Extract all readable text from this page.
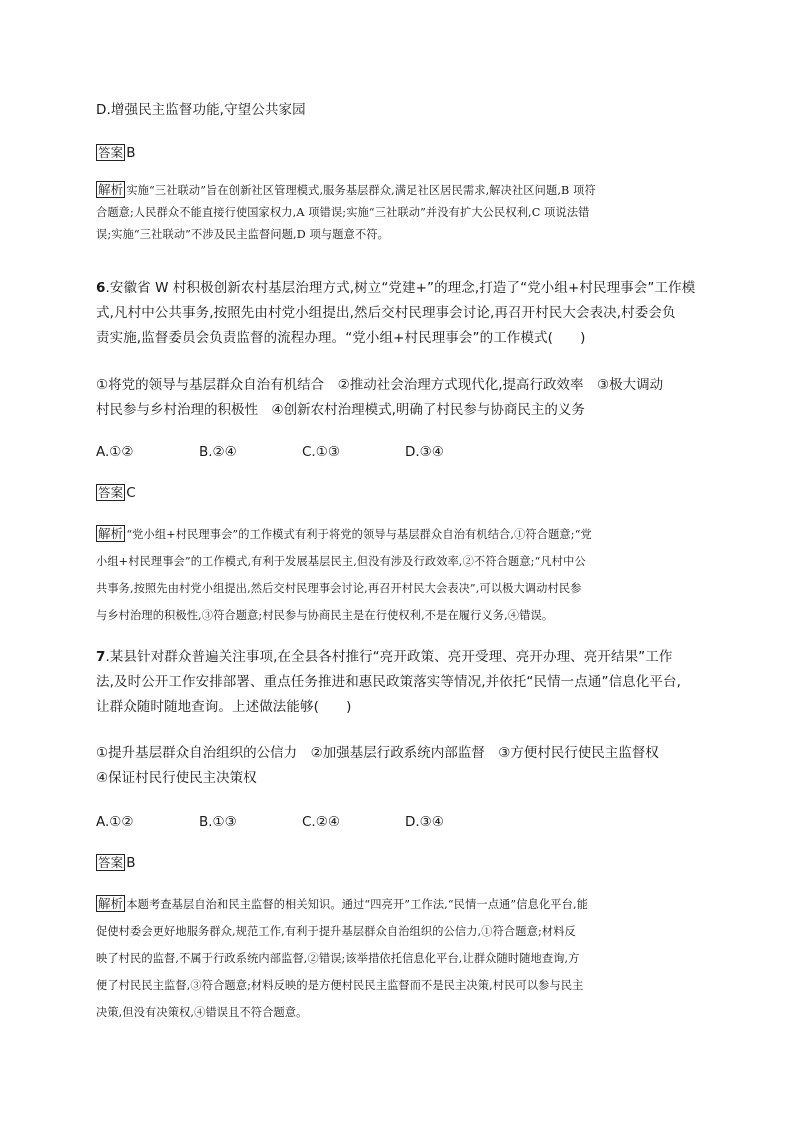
D.增强民主监督功能,守望公共家园
答案 B
解析 实施“三社联动”旨在创新社区管理模式,服务基层群众,满足社区居民需求,解决社区问题,B 项符
合题意;人民群众不能直接行使国家权力,A 项错误;实施“三社联动”并没有扩大公民权利,C 项说法错
误;实施“三社联动”不涉及民主监督问题,D 项与题意不符。
6.安徽省 W 村积极创新农村基层治理方式,树立“党建+”的理念,打造了“党小组+村民理事会”工作模
式,凡村中公共事务,按照先由村党小组提出,然后交村民理事会讨论,再召开村民大会表决,村委会负
责实施,监督委员会负责监督的流程办理。“党小组+村民理事会”的工作模式(　　)
①将党的领导与基层群众自治有机结合　②推动社会治理方式现代化,提高行政效率　③极大调动
村民参与乡村治理的积极性　④创新农村治理模式,明确了村民参与协商民主的义务
A.①②	B.②④	C.①③	D.③④
答案 C
解析 “党小组+村民理事会”的工作模式有利于将党的领导与基层群众自治有机结合,①符合题意;“党
小组+村民理事会”的工作模式,有利于发展基层民主,但没有涉及行政效率,②不符合题意;“凡村中公
共事务,按照先由村党小组提出,然后交村民理事会讨论,再召开村民大会表决”,可以极大调动村民参
与乡村治理的积极性,③符合题意;村民参与协商民主是在行使权利,不是在履行义务,④错误。
7.某县针对群众普遍关注事项,在全县各村推行“亮开政策、亮开受理、亮开办理、亮开结果”工作
法,及时公开工作安排部署、重点任务推进和惠民政策落实等情况,并依托“民情一点通”信息化平台,
让群众随时随地查询。上述做法能够(　　)
①提升基层群众自治组织的公信力　②加强基层行政系统内部监督　③方便村民行使民主监督权
④保证村民行使民主决策权
A.①②	B.①③	C.②④	D.③④
答案 B
解析 本题考查基层自治和民主监督的相关知识。通过“四亮开”工作法,“民情一点通”信息化平台,能
促使村委会更好地服务群众,规范工作,有利于提升基层群众自治组织的公信力,①符合题意;材料反
映了村民的监督,不属于行政系统内部监督,②错误;该举措依托信息化平台,让群众随时随地查询,方
便了村民民主监督,③符合题意;材料反映的是方便村民民主监督而不是民主决策,村民可以参与民主
决策,但没有决策权,④错误且不符合题意。
